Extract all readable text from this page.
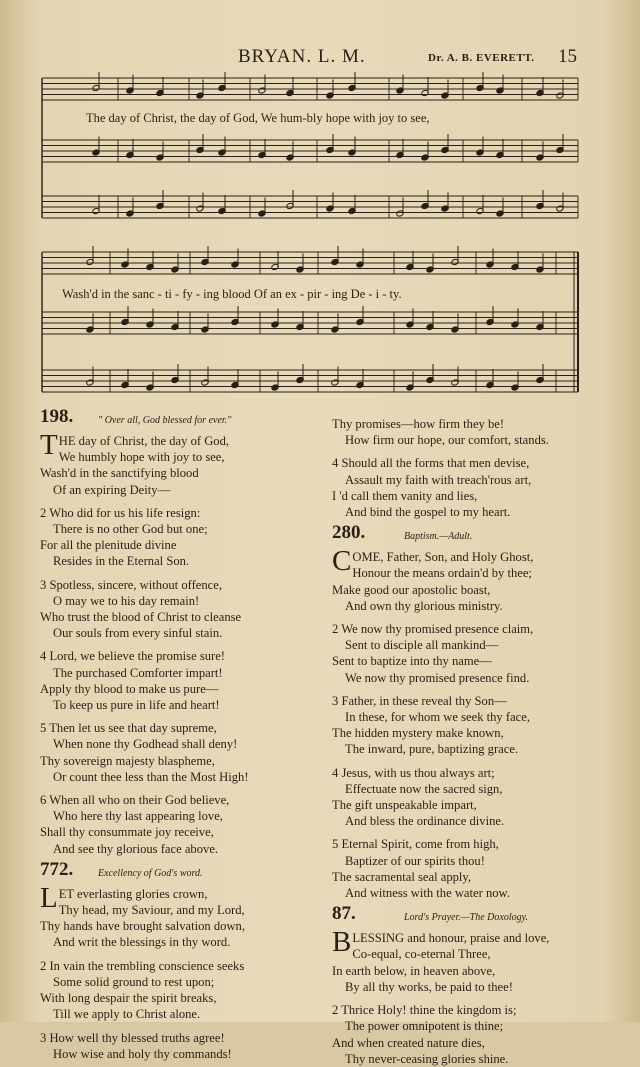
BRYAN. L. M.	Dr. A. B. EVERETT. 15
The day of Christ, the day of God, We hum-bly hope with joy to see,
Wash'd in the sanc - ti - fy - ing blood Of an ex - pir - ing De - i - ty.
198. " Over all, God blessed for ever."
T HE day of Christ, the day of God,
We humbly hope with joy to see,
Wash'd in the sanctifying blood
Of an expiring Deity—
2 Who did for us his life resign:
There is no other God but one;
For all the plenitude divine
Resides in the Eternal Son.
3 Spotless, sincere, without offence,
O may we to his day remain!
Who trust the blood of Christ to cleanse
Our souls from every sinful stain.
4 Lord, we believe the promise sure!
The purchased Comforter impart!
Apply thy blood to make us pure—
To keep us pure in life and heart!
5 Then let us see that day supreme,
When none thy Godhead shall deny!
Thy sovereign majesty blaspheme,
Or count thee less than the Most High!
6 When all who on their God believe,
Who here thy last appearing love,
Shall thy consummate joy receive,
And see thy glorious face above.
772. Excellency of God's word.
L ET everlasting glories crown,
Thy head, my Saviour, and my Lord,
Thy hands have brought salvation down,
And writ the blessings in thy word.
2 In vain the trembling conscience seeks
Some solid ground to rest upon;
With long despair the spirit breaks,
Till we apply to Christ alone.
3 How well thy blessed truths agree!
How wise and holy thy commands!
Thy promises—how firm they be!
How firm our hope, our comfort, stands.
4 Should all the forms that men devise,
Assault my faith with treach'rous art,
I 'd call them vanity and lies,
And bind the gospel to my heart.
280.	Baptism.—Adult.
C OME, Father, Son, and Holy Ghost,
Honour the means ordain'd by thee;
Make good our apostolic boast,
And own thy glorious ministry.
2 We now thy promised presence claim,
Sent to disciple all mankind—
Sent to baptize into thy name—
We now thy promised presence find.
3 Father, in these reveal thy Son—
In these, for whom we seek thy face,
The hidden mystery make known,
The inward, pure, baptizing grace.
4 Jesus, with us thou always art;
Effectuate now the sacred sign,
The gift unspeakable impart,
And bless the ordinance divine.
5 Eternal Spirit, come from high,
Baptizer of our spirits thou!
The sacramental seal apply,
And witness with the water now.
87.	Lord's Prayer.—The Doxology.
B LESSING and honour, praise and love,
Co-equal, co-eternal Three,
In earth below, in heaven above,
By all thy works, be paid to thee!
2 Thrice Holy! thine the kingdom is;
The power omnipotent is thine;
And when created nature dies,
Thy never-ceasing glories shine.
